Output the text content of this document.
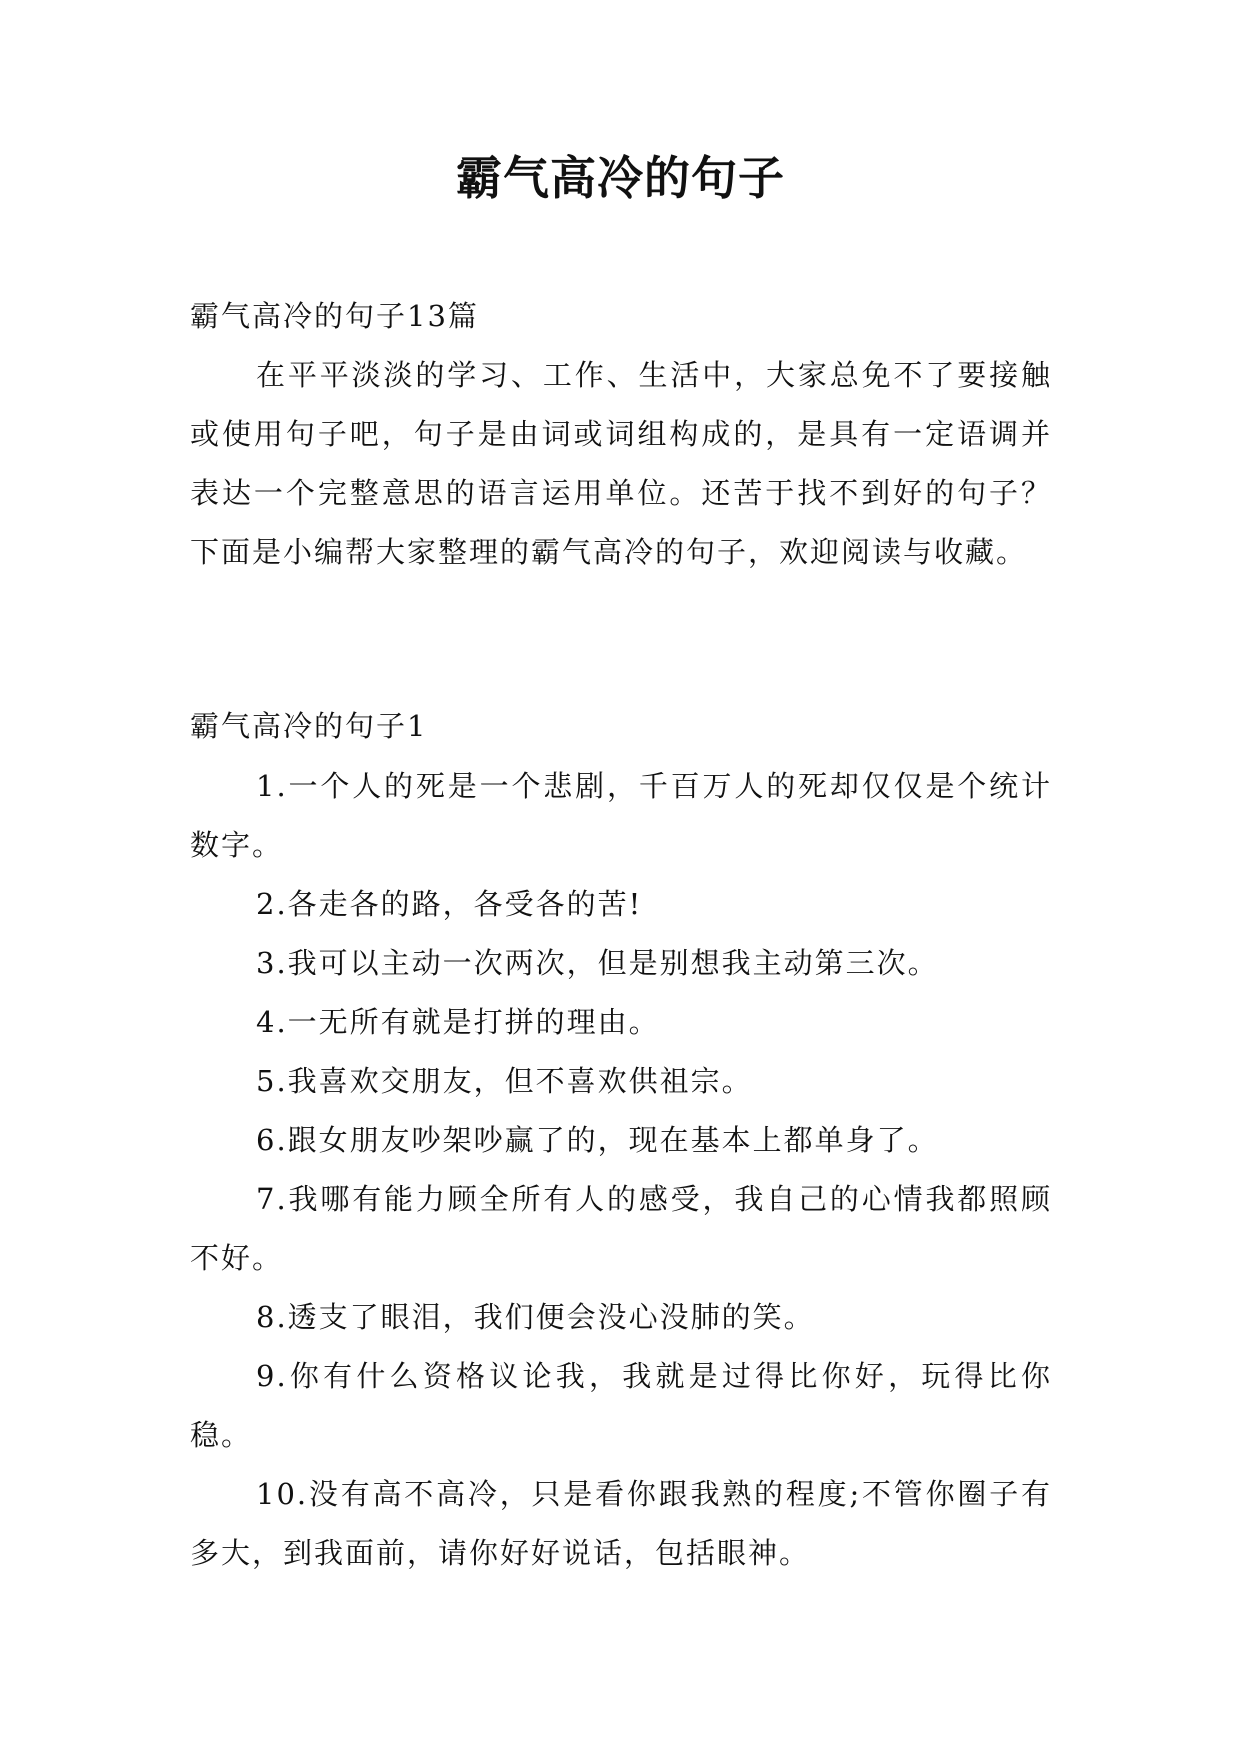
霸气高冷的句子
霸气高冷的句子13篇
在平平淡淡的学习、工作、生活中，大家总免不了要接触或使用句子吧，句子是由词或词组构成的，是具有一定语调并表达一个完整意思的语言运用单位。还苦于找不到好的句子？下面是小编帮大家整理的霸气高冷的句子，欢迎阅读与收藏。
霸气高冷的句子1
1.一个人的死是一个悲剧，千百万人的死却仅仅是个统计数字。
2.各走各的路，各受各的苦!
3.我可以主动一次两次，但是别想我主动第三次。
4.一无所有就是打拼的理由。
5.我喜欢交朋友，但不喜欢供祖宗。
6.跟女朋友吵架吵赢了的，现在基本上都单身了。
7.我哪有能力顾全所有人的感受，我自己的心情我都照顾不好。
8.透支了眼泪，我们便会没心没肺的笑。
9.你有什么资格议论我，我就是过得比你好，玩得比你稳。
10.没有高不高冷，只是看你跟我熟的程度;不管你圈子有多大，到我面前，请你好好说话，包括眼神。
